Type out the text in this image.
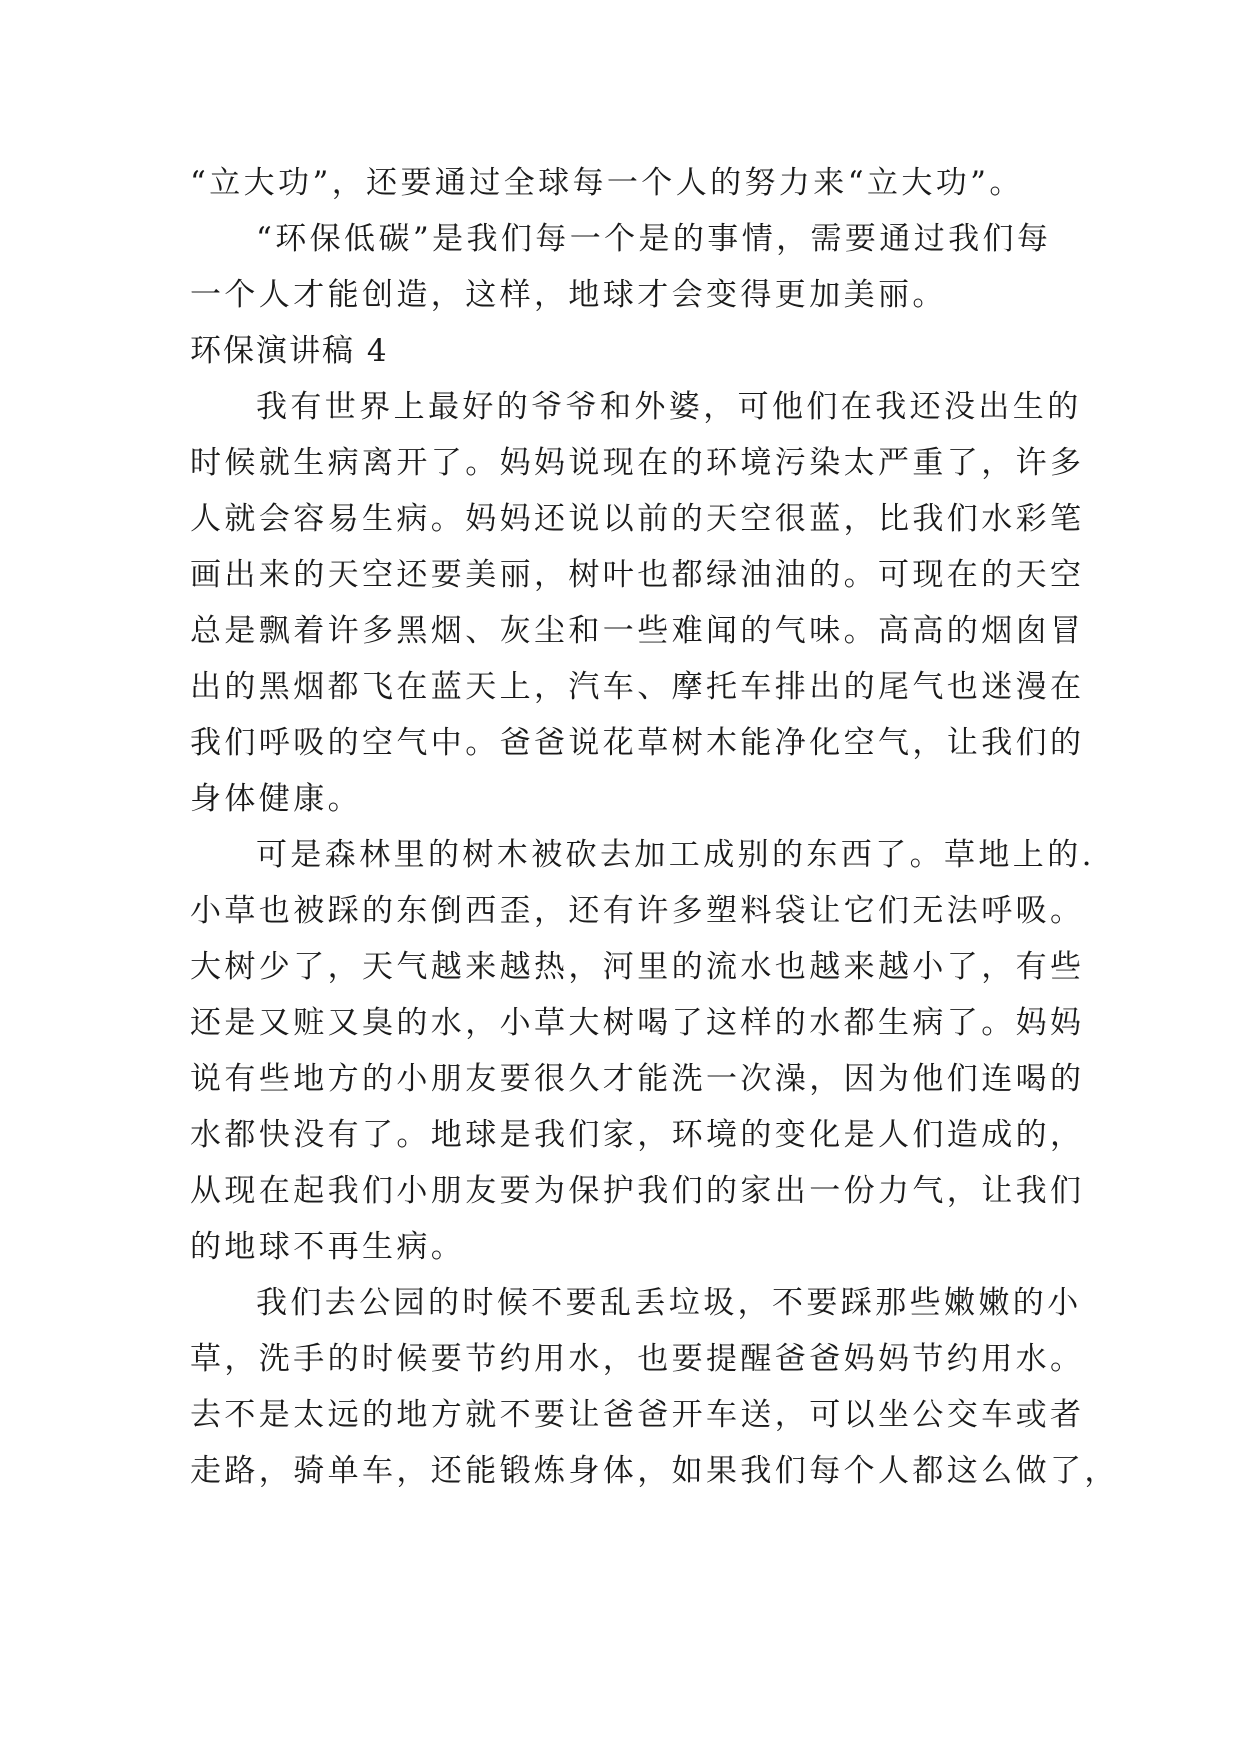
“立大功”，还要通过全球每一个人的努力来“立大功”。
“环保低碳”是我们每一个是的事情，需要通过我们每
一个人才能创造，这样，地球才会变得更加美丽。
环保演讲稿 4
我有世界上最好的爷爷和外婆，可他们在我还没出生的
时候就生病离开了。妈妈说现在的环境污染太严重了，许多
人就会容易生病。妈妈还说以前的天空很蓝，比我们水彩笔
画出来的天空还要美丽，树叶也都绿油油的。可现在的天空
总是飘着许多黑烟、灰尘和一些难闻的气味。高高的烟囱冒
出的黑烟都飞在蓝天上，汽车、摩托车排出的尾气也迷漫在
我们呼吸的空气中。爸爸说花草树木能净化空气，让我们的
身体健康。
可是森林里的树木被砍去加工成别的东西了。草地上的.
小草也被踩的东倒西歪，还有许多塑料袋让它们无法呼吸。
大树少了，天气越来越热，河里的流水也越来越小了，有些
还是又赃又臭的水，小草大树喝了这样的水都生病了。妈妈
说有些地方的小朋友要很久才能洗一次澡，因为他们连喝的
水都快没有了。地球是我们家，环境的变化是人们造成的，
从现在起我们小朋友要为保护我们的家出一份力气，让我们
的地球不再生病。
我们去公园的时候不要乱丢垃圾，不要踩那些嫩嫩的小
草，洗手的时候要节约用水，也要提醒爸爸妈妈节约用水。
去不是太远的地方就不要让爸爸开车送，可以坐公交车或者
走路，骑单车，还能锻炼身体，如果我们每个人都这么做了，
